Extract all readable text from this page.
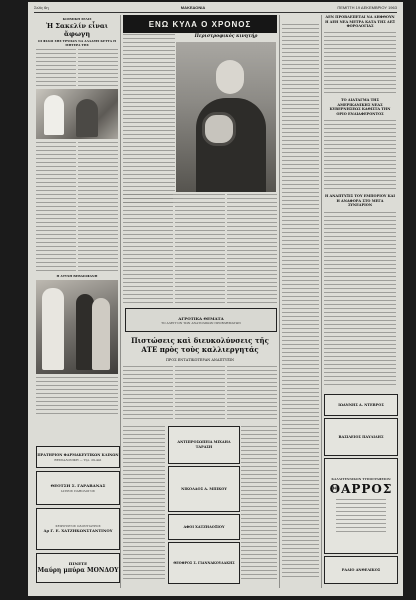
Σελίς 6η	ΜΑΚΕΔΟΝΙΑ	ΠΕΜΠΤΗ 19 ΔΕΚΕΜΒΡΙΟΥ 1963
ΚΟΣΜΙΚΗ ΣΕΛΙΣ
Ἡ Σακελίν εἶναι ἄφωγη
ΟΙ ΦΙΛΟΙ ΣΗΣ ΤΡΥΠΑΝ ΝΑ ΑΛΛΑΞΕΙ ΚΕΤΤΑ Η ΜΗΤΕΡΑ ΤΗΣ
Η ΑΤΥΧΗ ΒΕΒΑΙΟΦΑΝΗ
ΠΡΑΤΗΡΙΟΝ ΦΑΡΜΑΚΕΥΤΙΚΩΝ ΚΛΙΝΩΝ
ΘΕΣΣΑΛΟΝΙΚΗ — Τηλ. 29-441
ΘΕΟΤΣΗ Σ. ΓΑΡΑΒΑΝΑΣ
ΙΑΤΡΟΣ ΠΑΘΟΛΟΓΟΣ
ΧΕΙΡΟΥΡΓΟΣ ΟΔΟΝΤΙΑΤΡΟΣ
Δρ Γ. Ε. ΧΑΤΖΗΚΩΝΣΤΑΝΤΙΝΟΥ
ΠΙΝΕΤΕ
Μαύρη μπύρα ΜΟΝΔΟΥ
ΕΝΩ ΚΥΛΑ Ο ΧΡΟΝΟΣ
Περιστροφικός κινητήρ
ΑΓΡΟΤΙΚΑ ΘΕΜΑΤΑ
ΤΟ ΑΛΕΓΓΟΝ ΤΩΝ ΑΝΑΤΟΛΙΚΩΝ ΠΡΟΒΛΗΜΑΤΩΝ
Πιστώσεις καὶ διευκολύνσεις τῆς ΑΤΕ πρὸς τοὺς καλλιεργητάς
ΠΡΟΣ ΕΝΤΑΤΙΚΩΤΕΡΑΝ ΑΝΑΠΤΥΞΙΝ
ΑΝΤΙΠΡΟΣΩΠΕΙΑ ΜΙΧΑΗΛ ΤΑΡΑΣΗ
ΝΙΚΟΛΑΟΣ Α. ΜΠΙΚΟΥ
ΑΦΟΙ ΧΑΤΖΗΔΟΞΙΟΥ
ΘΕΟΦΡΟΣ Σ. ΓΙΑΝΝΑΚΟΥΔΑΚΗΣ
ΔΕΝ ΠΡΟΒΛΕΠΕΤΑΙ ΝΑ ΛΗΦΘΟΥΝ Η ΔΕΗ ΝΕΑ ΜΕΤΡΑ ΚΑΤΑ ΤΗΣ ΔΕΞ ΦΟΡΟΛΟΓΙΑΣ
ΤΟ ΔΙΑΤΑΓΜΑ ΤΗΣ ΑΜΕΡΙΚΑΝΙΚΗΣ ΝΕΑΣ ΚΥΒΕΡΝΗΣΕΩΣ ΚΑΘΙΣΤΑ ΤΗΝ ΟΡΙΟ ΕΝΔΙΑΦΕΡΟΝΤΟΣ
Η ΑΝΑΠΤΥΞΙΣ ΤΟΥ ΕΜΠΟΡΙΟΥ ΚΑΙ Η ΑΝΑΦΟΡΑ ΣΤΟ ΜΕΓΑ ΣΥΝΕΔΡΙΟΝ
ΙΩΑΝΝΗΣ Α. ΝΤΕΒΡΟΣ
ΒΑΣΙΛΕΙΟΣ ΠΑΥΛΙΔΗΣ
ΚΑΛΛΙΤΕΧΝΙΚΟΝ ΤΥΠΟΓΡΑΦΕΙΟΝ
ΘΑΡΡΟΣ
ΡΑΔΙΟ ΑΝΘΕΛΙΚΟΣ
